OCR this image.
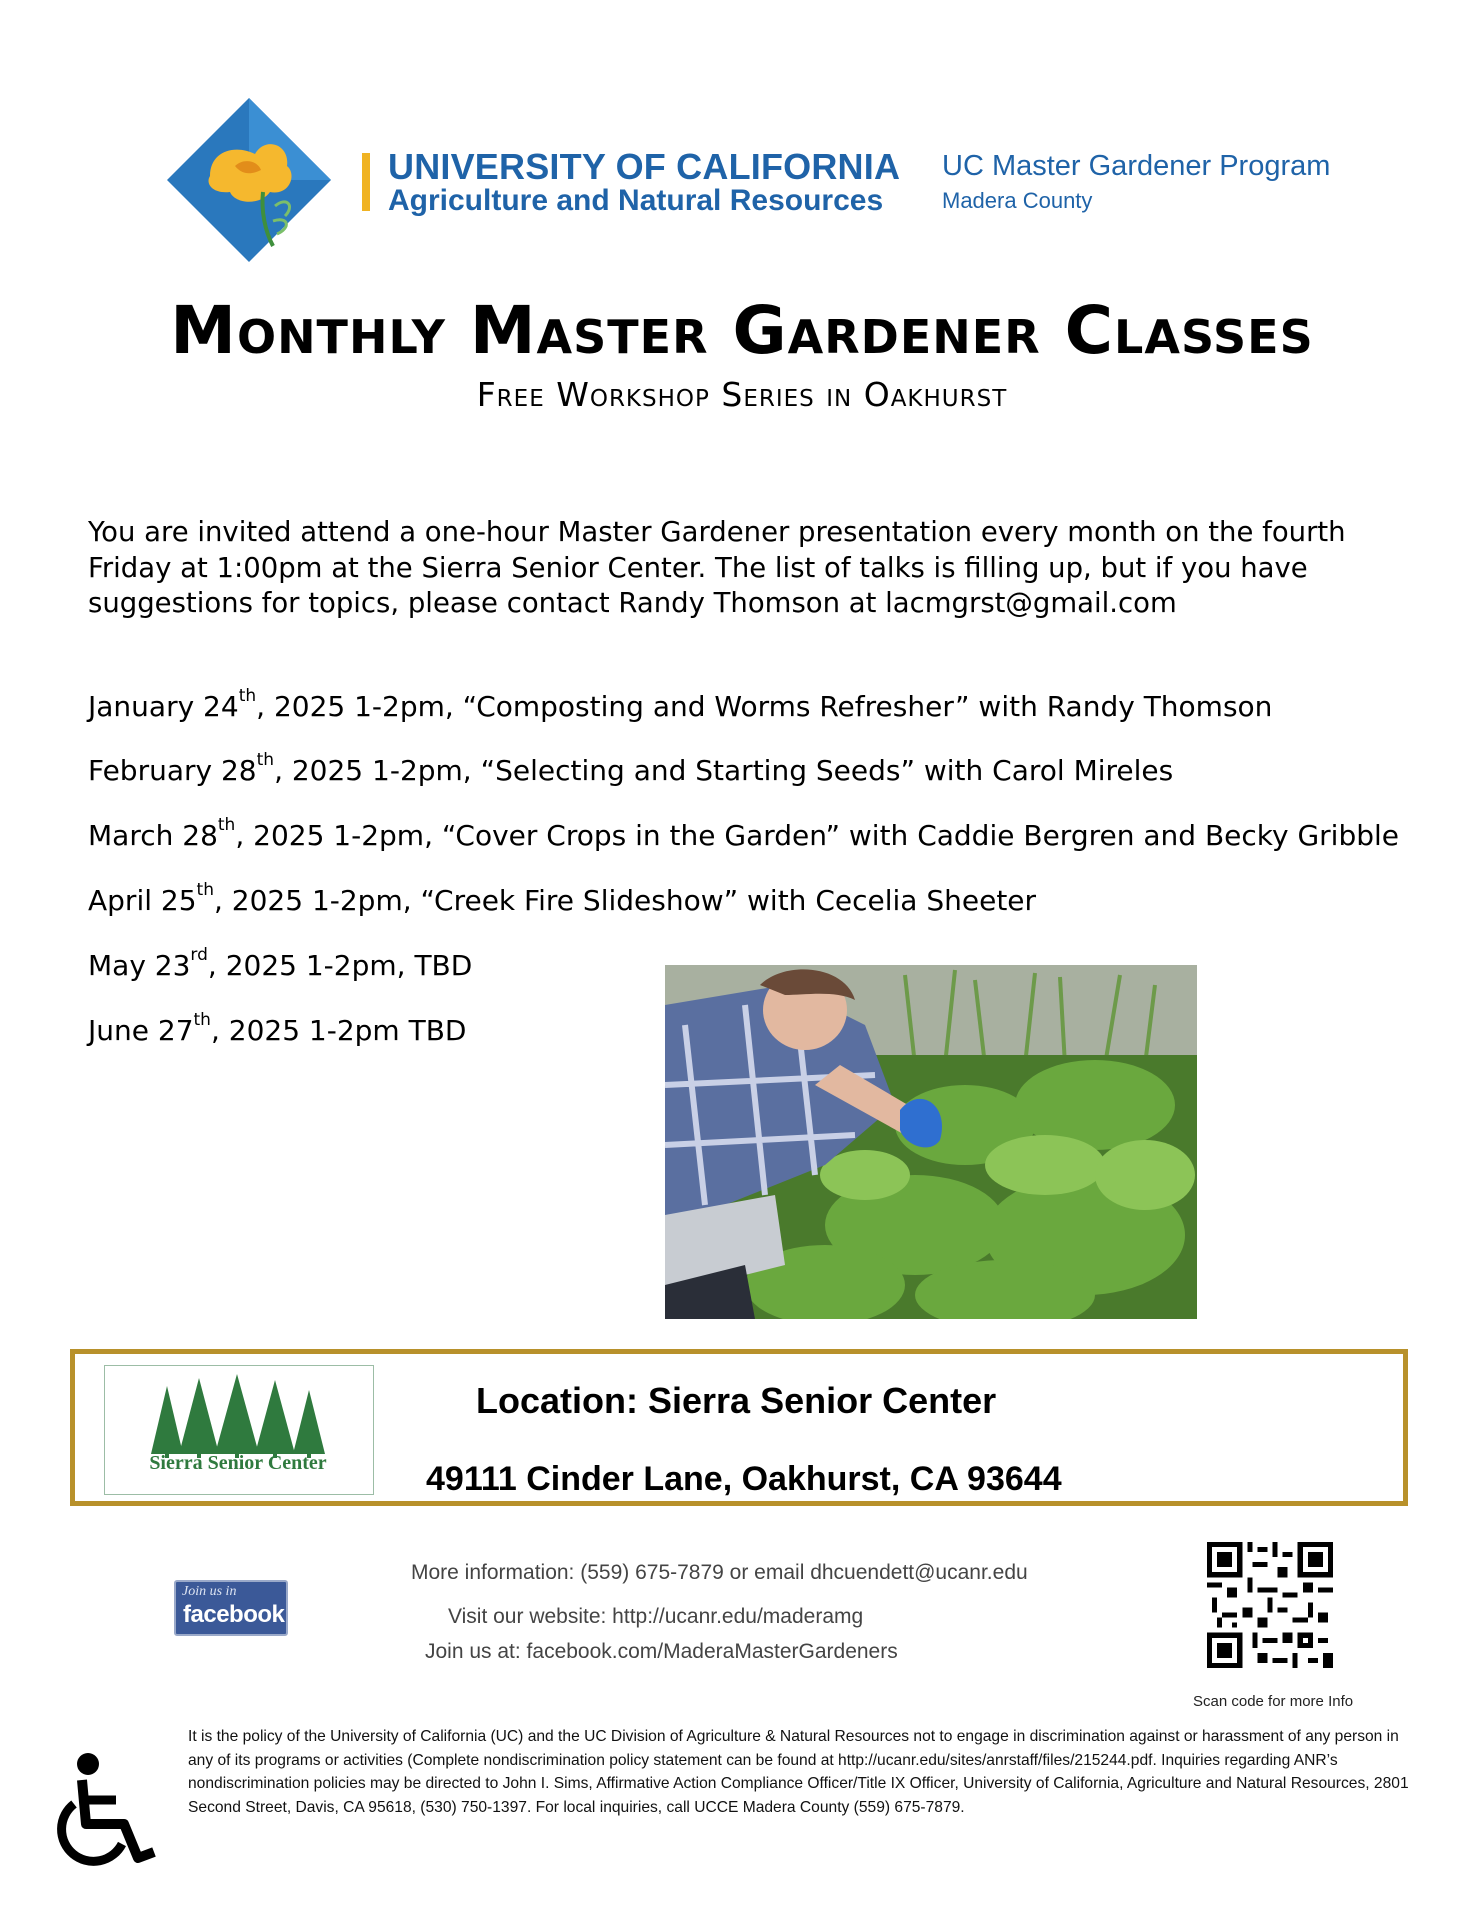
UNIVERSITY OF CALIFORNIA
Agriculture and Natural Resources
UC Master Gardener Program
Madera County
Monthly Master Gardener Classes
Free Workshop Series in Oakhurst
You are invited attend a one-hour Master Gardener presentation every month on the fourth Friday at 1:00pm at the Sierra Senior Center. The list of talks is filling up, but if you have suggestions for topics, please contact Randy Thomson at lacmgrst@gmail.com
January 24th, 2025 1-2pm, “Composting and Worms Refresher” with Randy Thomson
February 28th, 2025 1-2pm, “Selecting and Starting Seeds” with Carol Mireles
March 28th, 2025 1-2pm, “Cover Crops in the Garden” with Caddie Bergren and Becky Gribble
April 25th, 2025 1-2pm, “Creek Fire Slideshow” with Cecelia Sheeter
May 23rd, 2025 1-2pm, TBD
June 27th, 2025 1-2pm TBD
Sierra Senior Center
Location: Sierra Senior Center
49111 Cinder Lane, Oakhurst, CA 93644
Join us in
facebook
More information: (559) 675-7879 or email dhcuendett@ucanr.edu
Visit our website: http://ucanr.edu/maderamg
Join us at: facebook.com/MaderaMasterGardeners
Scan code for more Info
It is the policy of the University of California (UC) and the UC Division of Agriculture & Natural Resources not to engage in discrimination against or harassment of any person in any of its programs or activities (Complete nondiscrimination policy statement can be found at http://ucanr.edu/sites/anrstaff/files/215244.pdf. Inquiries regarding ANR’s nondiscrimination policies may be directed to John I. Sims, Affirmative Action Compliance Officer/Title IX Officer, University of California, Agriculture and Natural Resources, 2801 Second Street, Davis, CA 95618, (530) 750-1397. For local inquiries, call UCCE Madera County (559) 675-7879.
